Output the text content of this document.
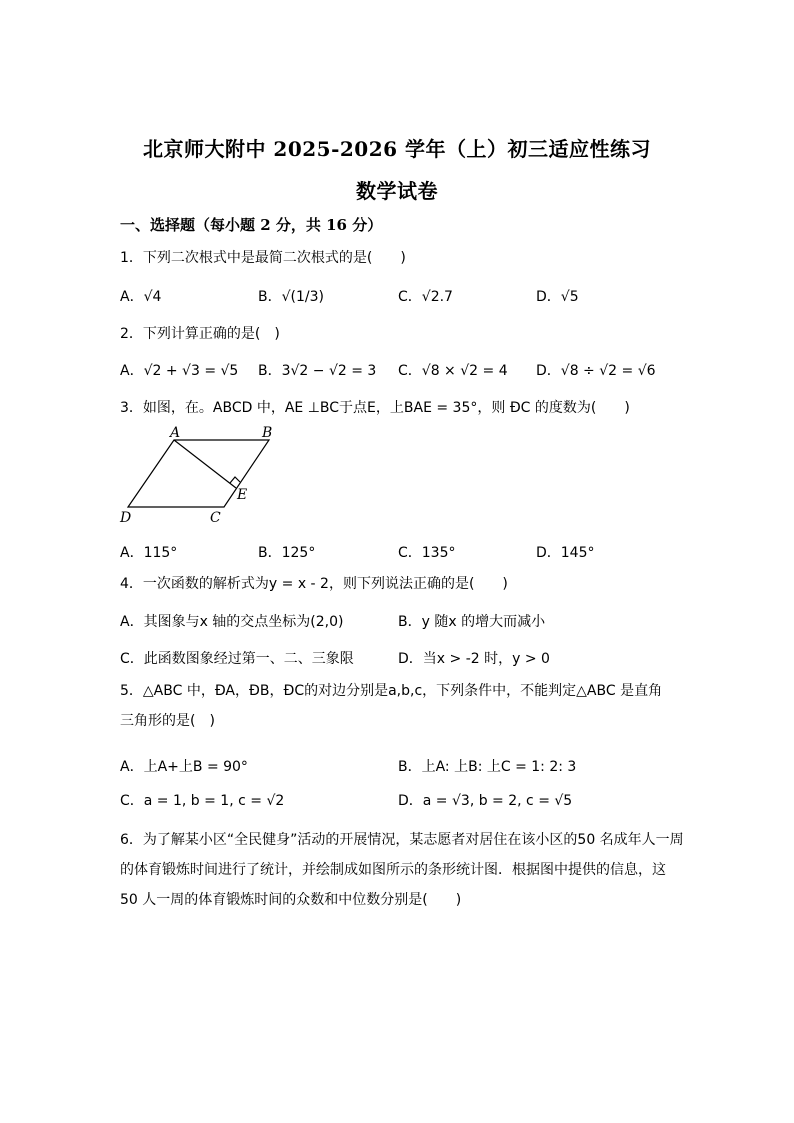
北京师大附中 2025-2026 学年（上）初三适应性练习
数学试卷
一、选择题（每小题 2 分，共 16 分）
1．下列二次根式中是最简二次根式的是(　　)
A．√4	B．√(1/3)	C．√2.7	D．√5
2．下列计算正确的是(　)
A．√2 + √3 = √5 B．3√2 − √2 = 3 C．√8 × √2 = 4 D．√8 ÷ √2 = √6
3．如图，在。ABCD 中，AE ⊥BC于点E，上BAE = 35°，则 ÐC 的度数为(　　)
A	B
C
D
E
A．115°	B．125°	C．135°	D．145°
4．一次函数的解析式为y = x - 2，则下列说法正确的是(　　)
A．其图象与x 轴的交点坐标为(2,0)	B．y 随x 的增大而减小
C．此函数图象经过第一、二、三象限	D．当x > -2 时，y > 0
5．△ABC 中，ÐA，ÐB，ÐC的对边分别是a,b,c，下列条件中，不能判定△ABC 是直角
三角形的是(　)
A．上A+上B = 90°	B．上A: 上B: 上C = 1: 2: 3
C．a = 1, b = 1, c = √2	D．a = √3, b = 2, c = √5
6．为了解某小区“全民健身”活动的开展情况，某志愿者对居住在该小区的50 名成年人一周
的体育锻炼时间进行了统计，并绘制成如图所示的条形统计图．根据图中提供的信息，这
50 人一周的体育锻炼时间的众数和中位数分别是(　　)
